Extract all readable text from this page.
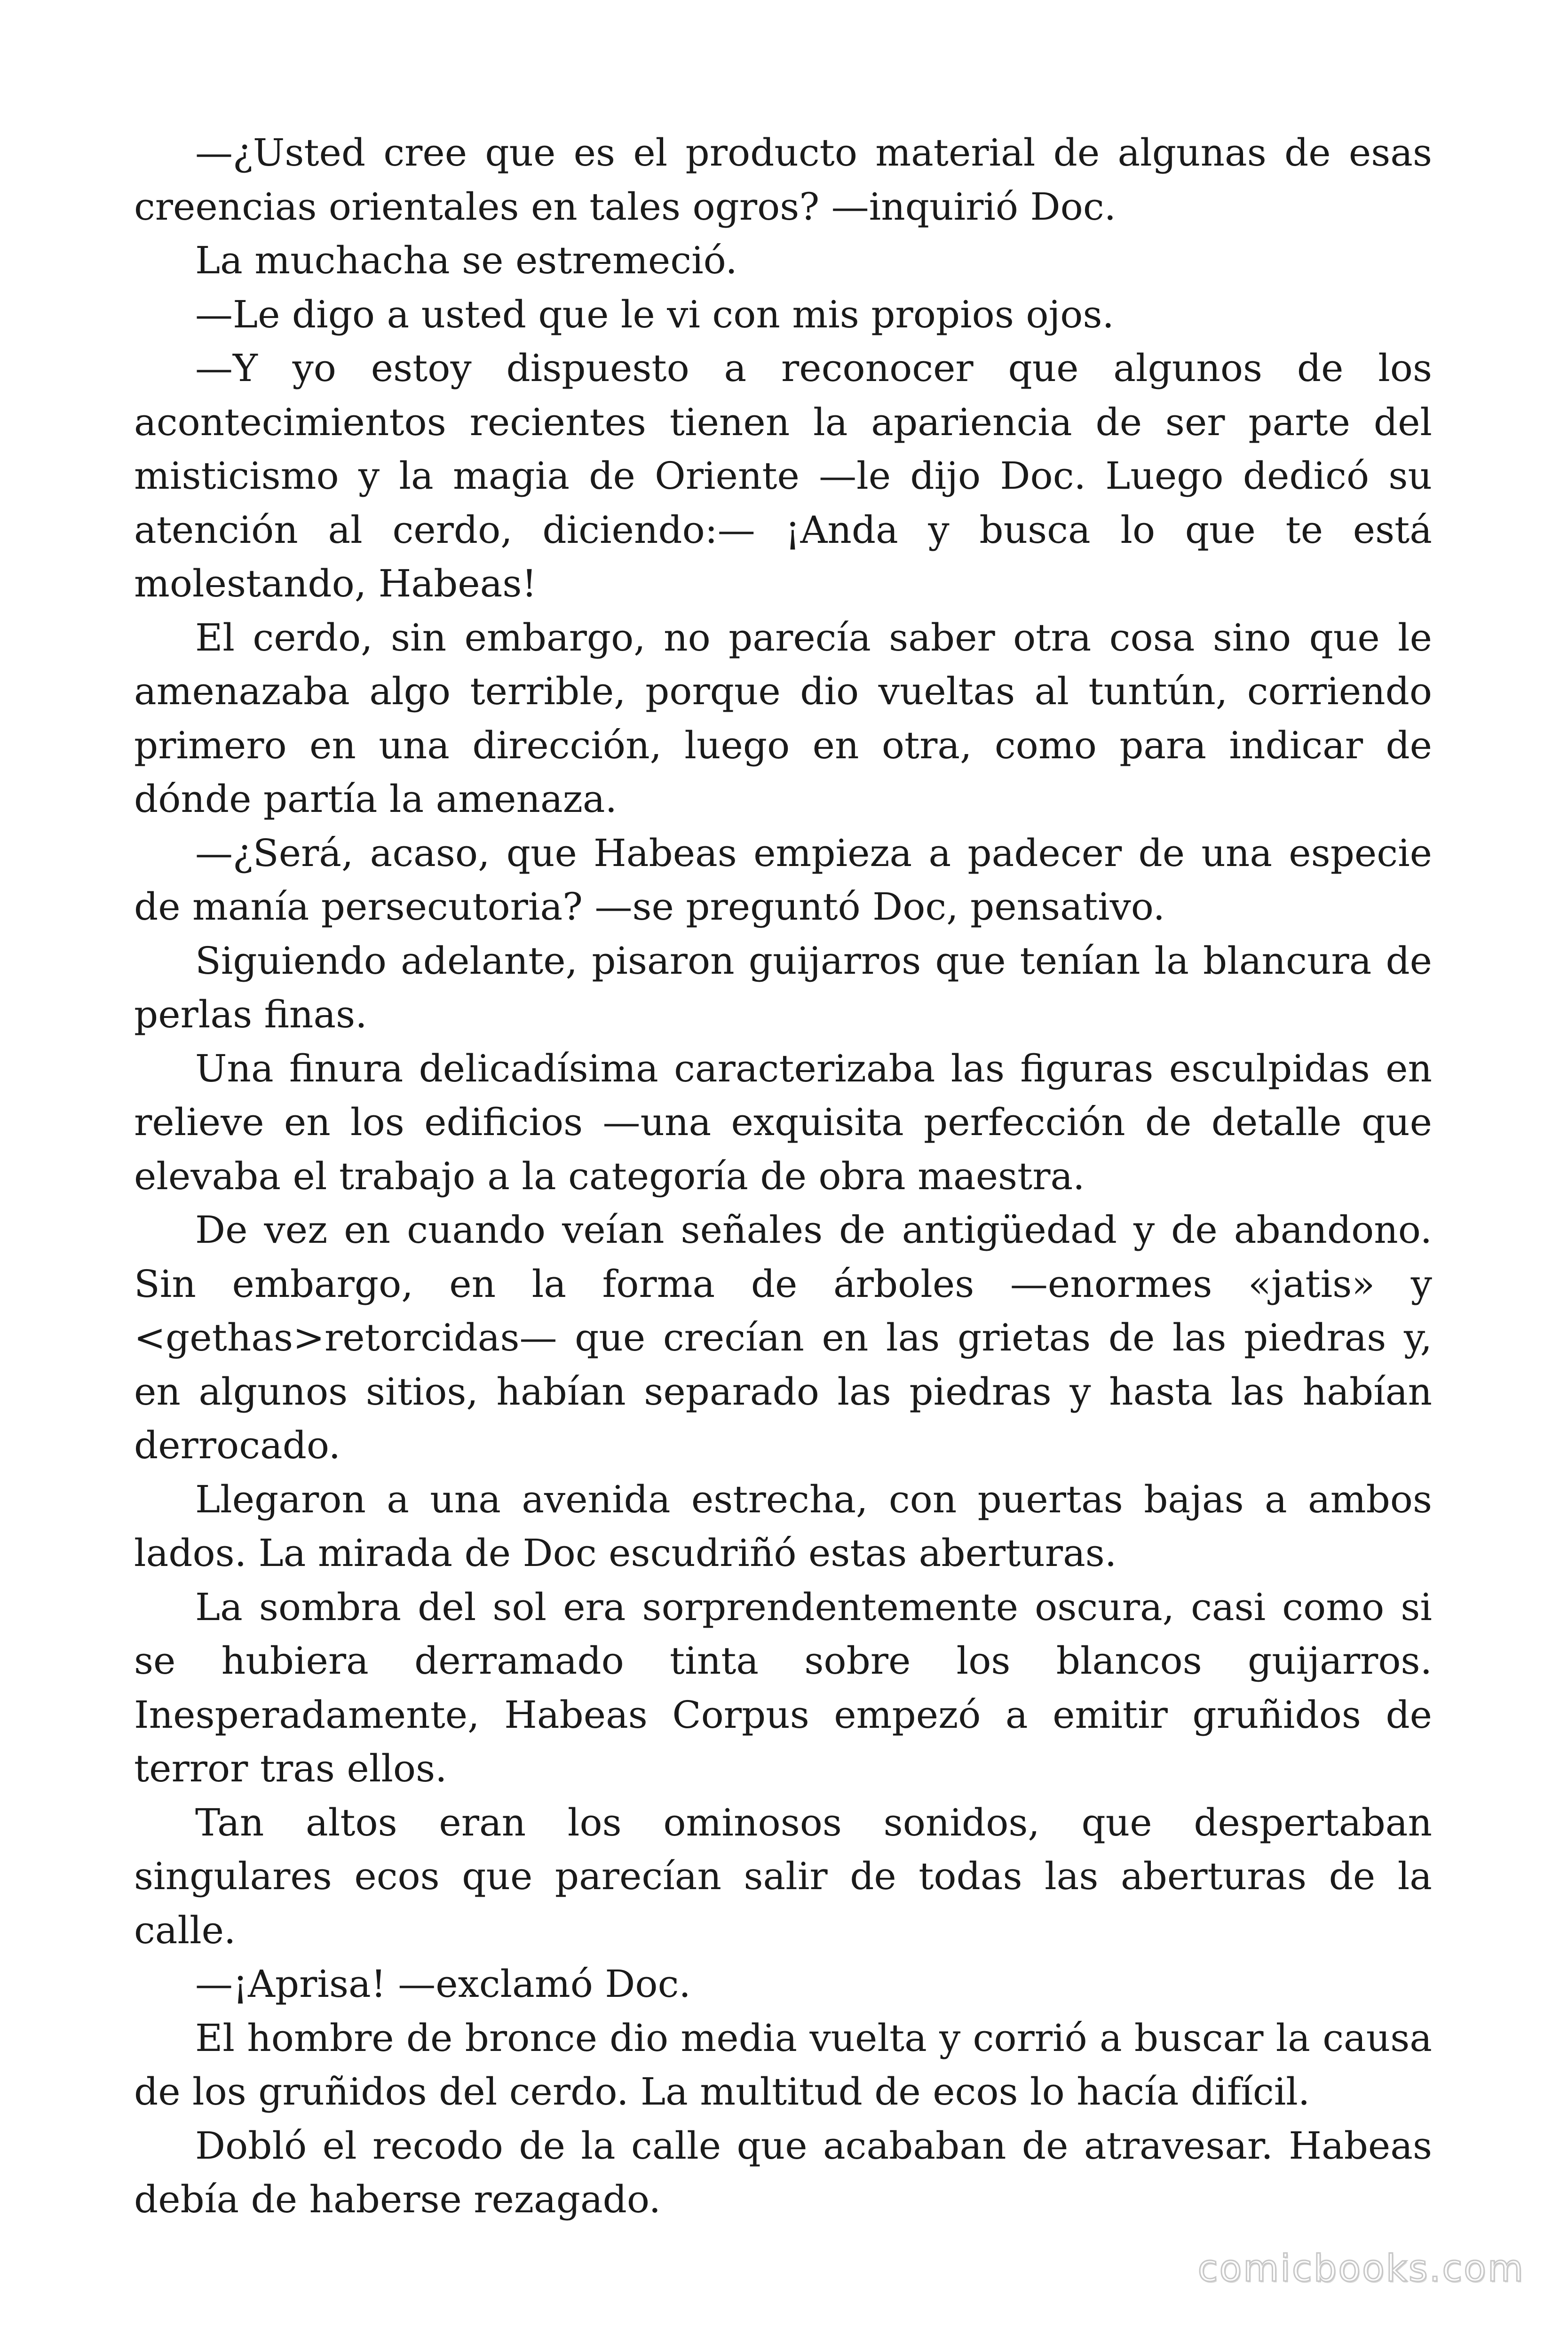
—¿Usted cree que es el producto material de algunas de esas creencias orientales en tales ogros? —inquirió Doc.

La muchacha se estremeció.

—Le digo a usted que le vi con mis propios ojos.

—Y yo estoy dispuesto a reconocer que algunos de los acontecimientos recientes tienen la apariencia de ser parte del misticismo y la magia de Oriente —le dijo Doc. Luego dedicó su atención al cerdo, diciendo:— ¡Anda y busca lo que te está molestando, Habeas!

El cerdo, sin embargo, no parecía saber otra cosa sino que le amenazaba algo terrible, porque dio vueltas al tuntún, corriendo primero en una dirección, luego en otra, como para indicar de dónde partía la amenaza.

—¿Será, acaso, que Habeas empieza a padecer de una especie de manía persecutoria? —se preguntó Doc, pensativo.

Siguiendo adelante, pisaron guijarros que tenían la blancura de perlas finas.

Una finura delicadísima caracterizaba las figuras esculpidas en relieve en los edificios —una exquisita perfección de detalle que elevaba el trabajo a la categoría de obra maestra.

De vez en cuando veían señales de antigüedad y de abandono. Sin embargo, en la forma de árboles —enormes «jatis» y <gethas>retorcidas— que crecían en las grietas de las piedras y, en algunos sitios, habían separado las piedras y hasta las habían derrocado.

Llegaron a una avenida estrecha, con puertas bajas a ambos lados. La mirada de Doc escudriñó estas aberturas.

La sombra del sol era sorprendentemente oscura, casi como si se hubiera derramado tinta sobre los blancos guijarros. Inesperadamente, Habeas Corpus empezó a emitir gruñidos de terror tras ellos.

Tan altos eran los ominosos sonidos, que despertaban singulares ecos que parecían salir de todas las aberturas de la calle.

—¡Aprisa! —exclamó Doc.

El hombre de bronce dio media vuelta y corrió a buscar la causa de los gruñidos del cerdo. La multitud de ecos lo hacía difícil.

Dobló el recodo de la calle que acababan de atravesar. Habeas debía de haberse rezagado.

comicbooks.com
